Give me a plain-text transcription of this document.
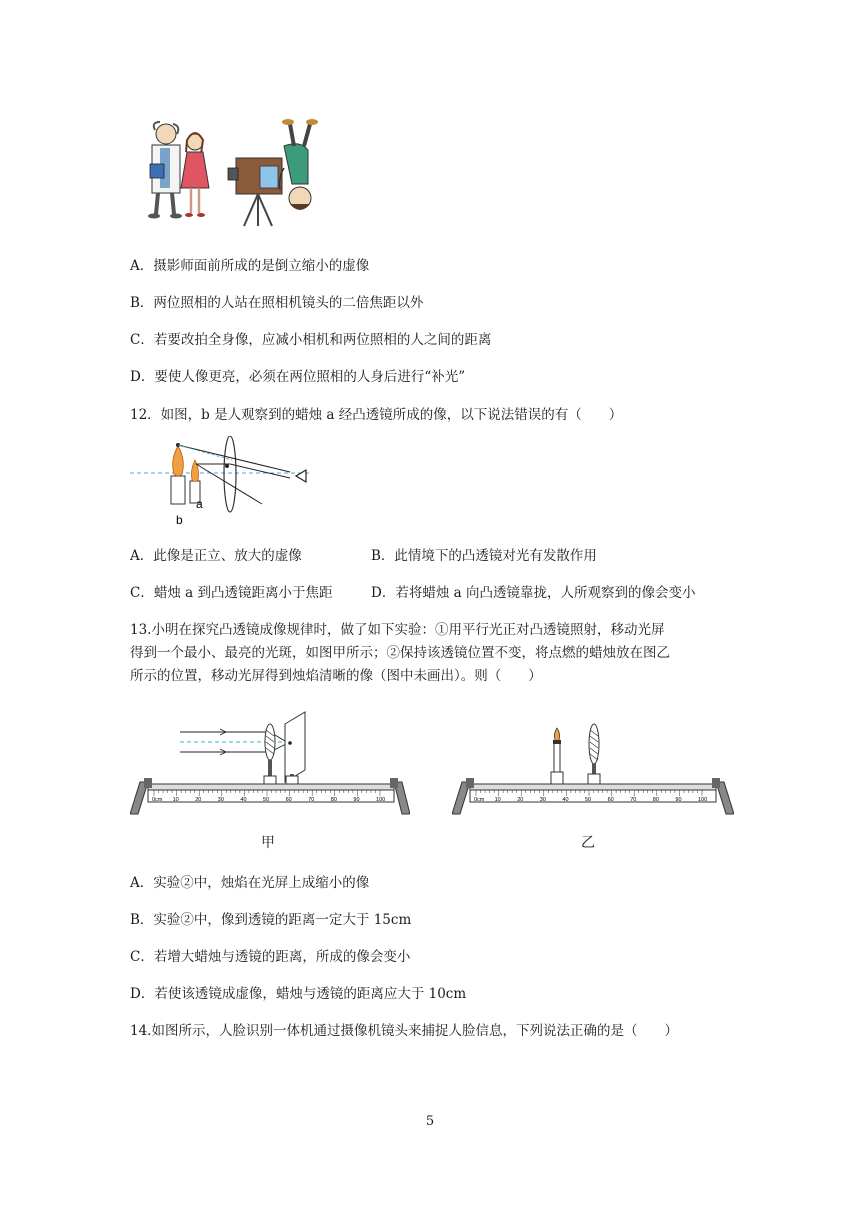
A．摄影师面前所成的是倒立缩小的虚像
B．两位照相的人站在照相机镜头的二倍焦距以外
C．若要改拍全身像，应减小相机和两位照相的人之间的距离
D．要使人像更亮，必须在两位照相的人身后进行“补光”
12．如图，b 是人观察到的蜡烛 a 经凸透镜所成的像，以下说法错误的有（　　）
b
a
A．此像是正立、放大的虚像	B．此情境下的凸透镜对光有发散作用
C．蜡烛 a 到凸透镜距离小于焦距	D．若将蜡烛 a 向凸透镜靠拢，人所观察到的像会变小
13.小明在探究凸透镜成像规律时，做了如下实验：①用平行光正对凸透镜照射，移动光屏
得到一个最小、最亮的光斑，如图甲所示；②保持该透镜位置不变，将点燃的蜡烛放在图乙
所示的位置，移动光屏得到烛焰清晰的像（图中未画出）。则（　　）
0cm 10	20	30	40	50	60	70	80	90	100	0cm 10	20	30	40	50	60	70	80	90	100
甲	乙
A．实验②中，烛焰在光屏上成缩小的像
B．实验②中，像到透镜的距离一定大于 15cm
C．若增大蜡烛与透镜的距离，所成的像会变小
D．若使该透镜成虚像，蜡烛与透镜的距离应大于 10cm
14.如图所示，人脸识别一体机通过摄像机镜头来捕捉人脸信息，下列说法正确的是（　　）
5
